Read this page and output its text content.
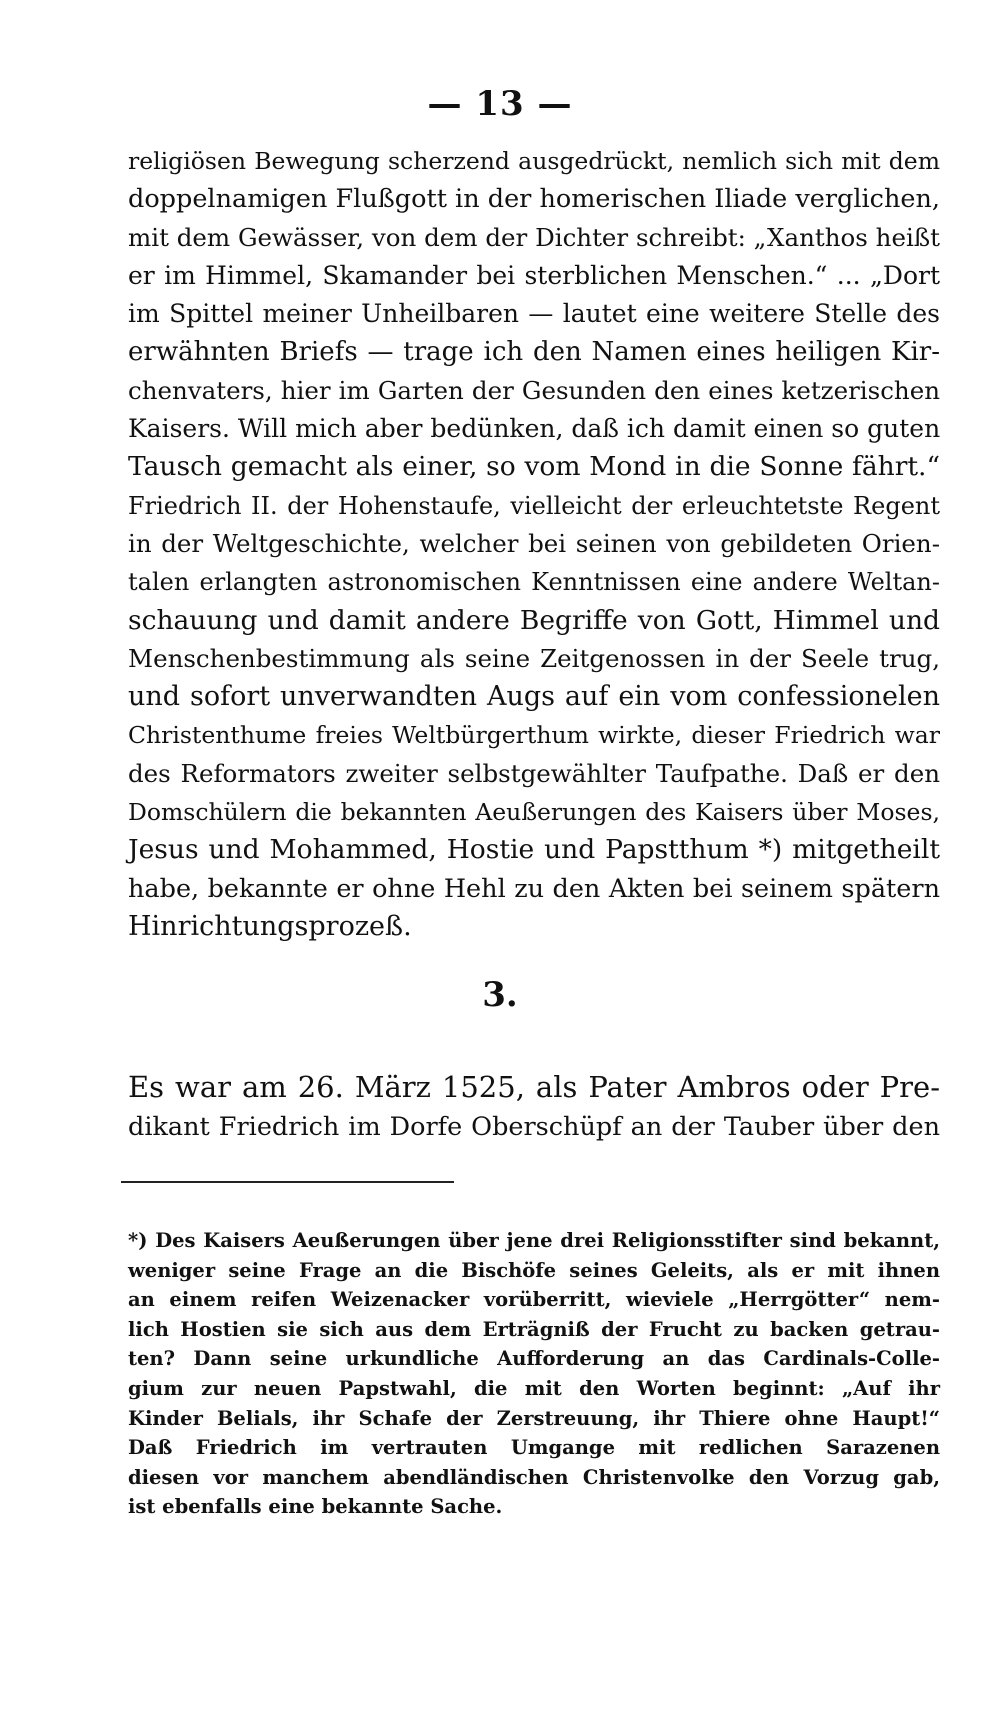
— 13 —
religiösen Bewegung scherzend ausgedrückt, nemlich sich mit dem
doppelnamigen Flußgott in der homerischen Iliade verglichen,
mit dem Gewässer, von dem der Dichter schreibt: „Xanthos heißt
er im Himmel, Skamander bei sterblichen Menschen.“ ... „Dort
im Spittel meiner Unheilbaren — lautet eine weitere Stelle des
erwähnten Briefs — trage ich den Namen eines heiligen Kir-
chenvaters, hier im Garten der Gesunden den eines ketzerischen
Kaisers. Will mich aber bedünken, daß ich damit einen so guten
Tausch gemacht als einer, so vom Mond in die Sonne fährt.“
Friedrich II. der Hohenstaufe, vielleicht der erleuchtetste Regent
in der Weltgeschichte, welcher bei seinen von gebildeten Orien-
talen erlangten astronomischen Kenntnissen eine andere Weltan-
schauung und damit andere Begriffe von Gott, Himmel und
Menschenbestimmung als seine Zeitgenossen in der Seele trug,
und sofort unverwandten Augs auf ein vom confessionelen
Christenthume freies Weltbürgerthum wirkte, dieser Friedrich war
des Reformators zweiter selbstgewählter Taufpathe. Daß er den
Domschülern die bekannten Aeußerungen des Kaisers über Moses,
Jesus und Mohammed, Hostie und Papstthum *) mitgetheilt
habe, bekannte er ohne Hehl zu den Akten bei seinem spätern
Hinrichtungsprozeß.
3.
Es war am 26. März 1525, als Pater Ambros oder Pre-
dikant Friedrich im Dorfe Oberschüpf an der Tauber über den
*) Des Kaisers Aeußerungen über jene drei Religionsstifter sind bekannt,
weniger seine Frage an die Bischöfe seines Geleits, als er mit ihnen
an einem reifen Weizenacker vorüberritt, wieviele „Herrgötter“ nem-
lich Hostien sie sich aus dem Erträgniß der Frucht zu backen getrau-
ten? Dann seine urkundliche Aufforderung an das Cardinals-Colle-
gium zur neuen Papstwahl, die mit den Worten beginnt: „Auf ihr
Kinder Belials, ihr Schafe der Zerstreuung, ihr Thiere ohne Haupt!“
Daß Friedrich im vertrauten Umgange mit redlichen Sarazenen
diesen vor manchem abendländischen Christenvolke den Vorzug gab,
ist ebenfalls eine bekannte Sache.
